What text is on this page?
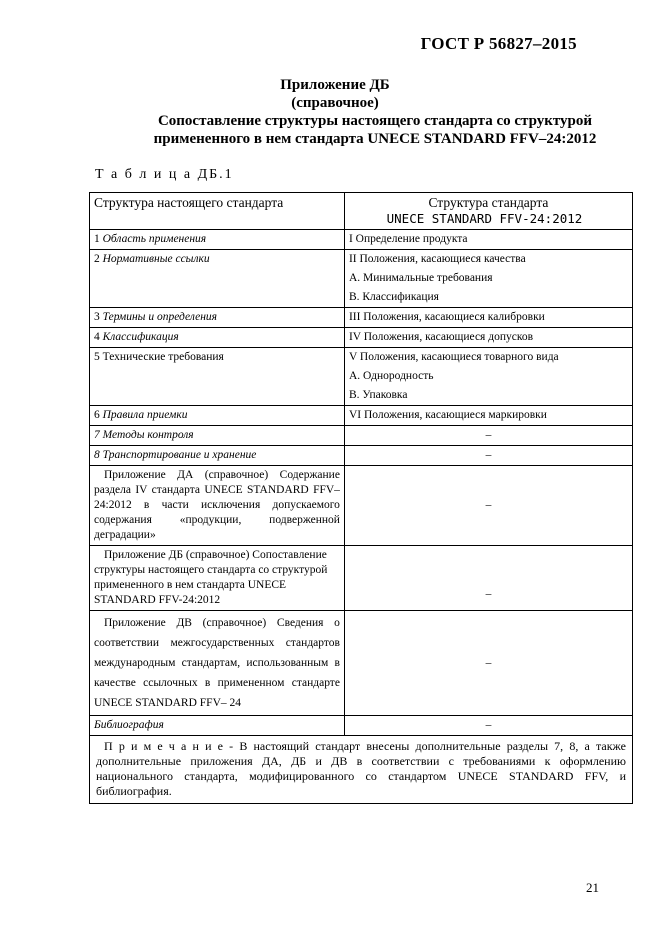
ГОСТ Р 56827–2015
Приложение ДБ
(справочное)
Сопоставление структуры настоящего стандарта со структурой
примененного в нем стандарта UNECE STANDARD FFV–24:2012
Т а б л и ц а ДБ.1
Структура настоящего стандарта	Структура стандарта
UNECE STANDARD FFV-24:2012

1 Область применения	I Определение продукта
2 Нормативные ссылки	II Положения, касающиеся качества
А. Минимальные требования
В. Классификация

3 Термины и определения	III Положения, касающиеся калибровки
4 Классификация	IV Положения, касающиеся допусков
5 Технические требования	V Положения, касающиеся товарного вида
А. Однородность
В. Упаковка

6 Правила приемки	VI Положения, касающиеся маркировки
7 Методы контроля	–
8 Транспортирование и хранение	–
Приложение ДА (справочное) Содержание раздела IV стандарта UNECE STANDARD FFV–24:2012 в части исключения допускаемого содержания «продукции, подверженной деградации»	–
Приложение ДБ (справочное) Сопоставление структуры настоящего стандарта со структурой примененного в нем стандарта UNECE STANDARD FFV-24:2012	–
Приложение ДВ (справочное) Сведения о соответствии межгосударственных стандартов международным стандартам, использованным в качестве ссылочных в примененном стандарте UNECE STANDARD FFV– 24	–
Библиография	–
П р и м е ч а н и е - В настоящий стандарт внесены дополнительные разделы 7, 8, а также дополнительные приложения ДА, ДБ и ДВ в соответствии с требованиями к оформлению национального стандарта, модифицированного со стандартом UNECE STANDARD FFV, и библиография.	
21
